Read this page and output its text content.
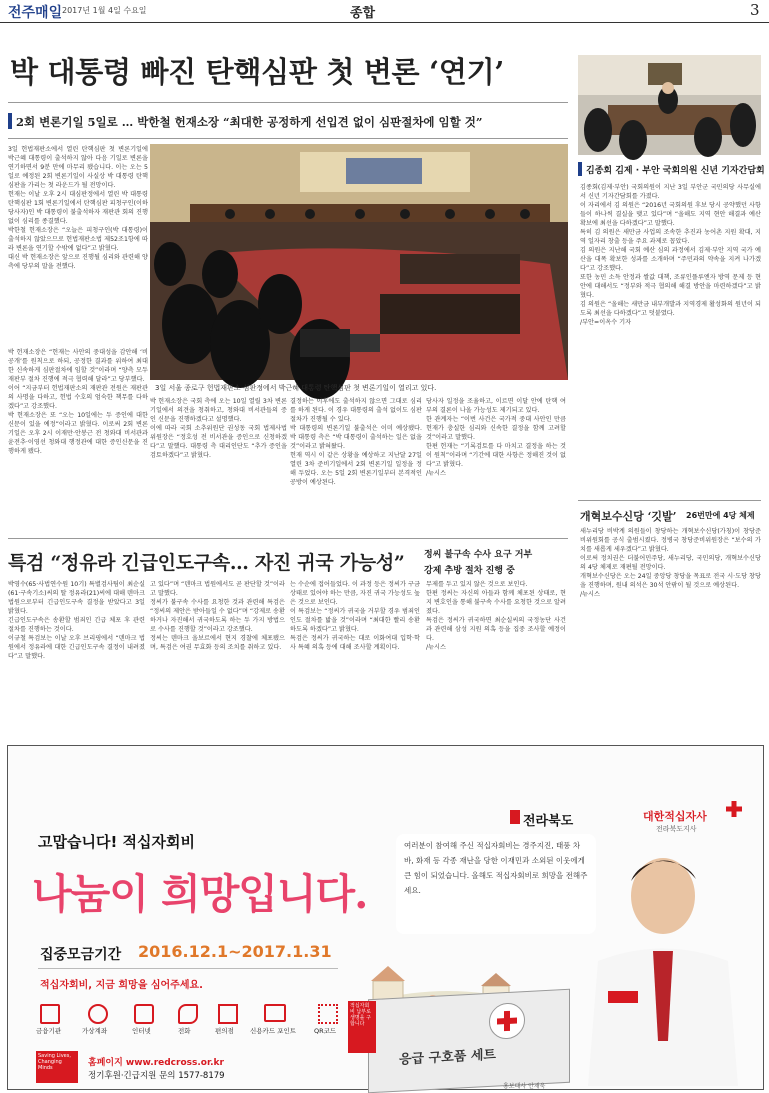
전주매일 2017년 1월 4일 수요일	종합	3
박 대통령 빠진 탄핵심판 첫 변론 ‘연기’
2회 변론기일 5일로 … 박한철 헌재소장 “최대한 공정하게 선입견 없이 심판절차에 임할 것”
3일 헌법재판소에서 열린 탄핵심판 첫 변론기일에 박근혜 대통령이 출석하지 않아 다음 기일로 변론을 연기하면서 9분 만에 마무리 됐습니다. 이는 오는 5일로 예정된 2회 변론기일이 사실상 박 대통령 탄핵심판을 가리는 첫 라운드가 될 전망이다.
헌재는 이날 오후 2시 대심판정에서 열린 박 대통령 탄핵심판 1회 변론기일에서 탄핵심판 피청구인(이하 당사자)인 박 대통령이 불출석하자 재판관 회의 진행 없이 심리를 종결했다.
박한철 헌재소장은 “오늘은 피청구인(박 대통령)이 출석하지 않았으므로 헌법재판소법 제52조1항에 따라 변론을 연기할 수밖에 없다”고 밝혔다.
대신 박 헌재소장은 앞으로 진행될 심리와 관련해 양측에 당부의 말을 전했다.
박 헌재소장은 “헌재는 사안의 중대성을 감안해 ‘비공개’를 원칙으로 하되, 공정한 결과를 위하여 최대한 신속하게 심판절차에 임할 것”이라며 “양측 모두 재판부 절차 진행에 적극 협력해 달라”고 당부했다.
이어 “지금부터 헌법재판소의 재판관 전원은 재판관의 사명을 다하고, 헌법 수호의 엄숙한 책무를 다하겠다”고 강조했다.
박 헌재소장은 또 “오는 10일에는 두 증인에 대한 신문이 있을 예정”이라고 밝혔다. 이로써 2회 변론기일은 오후 2시 이재만·안봉근 전 청와대 비서관과 윤전추·이영선 청와대 행정관에 대한 증인신문을 진행하게 됐다.
3일 서울 종로구 헌법재판소 심판정에서 박근혜 대통령 탄핵심판 첫 변론기일이 열리고 있다.
박 헌재소장은 국회 측에 오는 10일 열릴 3차 변론기일에서 의견을 청취하고, 청와대 비서관들의 증인 신문을 진행하겠다고 설명했다.
이에 따라 국회 소추위원단 권성동 국회 법제사법위원장은 “정호성 전 비서관을 증인으로 신청하겠다”고 말했다. 대통령 측 대리인단도 “추가 증인을 검토하겠다”고 밝혔다.
결정하는 이후에도 출석하지 않으면 그대로 심리를 하게 된다. 이 경우 대통령의 출석 없이도 심판 절차가 진행될 수 있다.
박 대통령의 변론기일 불출석은 이미 예상됐다. 박 대통령 측은 “박 대통령이 출석하는 일은 없을 것”이라고 밝혀왔다.
헌재 역시 이 같은 상황을 예상하고 지난달 27일 열린 3차 준비기일에서 2회 변론기일 일정을 정해 두었다. 오는 5일 2회 변론기일부터 본격적인 공방이 예상된다.
당사자 일정을 조율하고, 이르면 이달 안에 탄핵 여부의 결론이 나올 가능성도 제기되고 있다.
한 관계자는 “이번 사건은 국가적 중대 사안인 만큼 헌재가 충실한 심리와 신속한 결정을 함께 고려할 것”이라고 말했다.
한편 헌재는 “기록검토를 다 마치고 결정을 하는 것이 원칙”이라며 “기간에 대한 사항은 정해진 것이 없다”고 밝혔다.
/뉴시스
김종회 김제 · 부안 국회의원 신년 기자간담회
김종회(김제·부안) 국회의원이 지난 3일 부안군 국민의당 사무실에서 신년 기자간담회를 가졌다.
이 자리에서 김 의원은 “2016년 국회의원 후보 당시 공약했던 사항들이 하나씩 결실을 맺고 있다”며 “올해도 지역 현안 해결과 예산 확보에 최선을 다하겠다”고 말했다.
특히 김 의원은 새만금 사업의 조속한 추진과 농어촌 지원 확대, 지역 일자리 창출 등을 주요 과제로 꼽았다.
김 의원은 지난해 국회 예산 심의 과정에서 김제·부안 지역 국가 예산을 대폭 확보한 성과를 소개하며 “주민과의 약속을 지켜 나가겠다”고 강조했다.
또한 농민 소득 안정과 쌀값 대책, 조류인플루엔자 방역 문제 등 현안에 대해서도 “정부와 적극 협의해 해결 방안을 마련하겠다”고 밝혔다.
김 의원은 “올해는 새만금 내부개발과 지역경제 활성화의 원년이 되도록 최선을 다하겠다”고 덧붙였다.
/부안=이옥수 기자
개혁보수신당 ‘깃발’ 26번만에 4당 체제
새누리당 비박계 의원들이 창당하는 개혁보수신당(가칭)이 창당준비위원회를 공식 출범시켰다. 정병국 창당준비위원장은 “보수의 가치를 새롭게 세우겠다”고 밝혔다.
이로써 정치권은 더불어민주당, 새누리당, 국민의당, 개혁보수신당의 4당 체제로 재편될 전망이다.
개혁보수신당은 오는 24일 중앙당 창당을 목표로 전국 시·도당 창당을 진행하며, 원내 의석은 30석 안팎이 될 것으로 예상된다.
/뉴시스
특검 “정유라 긴급인도구속… 자진 귀국 가능성” 정씨 불구속 수사 요구 거부
강제 추방 절차 진행 중
박영수(65·사법연수원 10기) 특별검사팀이 최순실(61·구속기소)씨의 딸 정유라(21)씨에 대해 덴마크 법원으로부터 긴급인도구속 결정을 받았다고 3일 밝혔다.
긴급인도구속은 송환할 범죄인 긴급 체포 후 관련 절차를 진행하는 것이다.
이규철 특검보는 이날 오후 브리핑에서 “덴마크 법원에서 정유라에 대한 긴급인도구속 결정이 내려졌다”고 말했다.
고 있다”며 “덴마크 법원에서도 곧 판단할 것”이라고 말했다.
정씨가 불구속 수사를 요청한 것과 관련해 특검은 “정씨의 제안은 받아들일 수 없다”며 “강제로 송환하거나 자진해서 귀국하도록 하는 두 가지 방법으로 수사를 진행할 것”이라고 강조했다.
정씨는 덴마크 올보르에서 현지 경찰에 체포됐으며, 특검은 여권 무효화 등의 조치를 취하고 있다.
는 수순에 접어들었다. 이 과정 등은 정씨가 구금 상태로 있어야 하는 만큼, 자진 귀국 가능성도 높은 것으로 보인다.
이 특검보는 “정씨가 귀국을 거부할 경우 범죄인 인도 절차를 밟을 것”이라며 “최대한 빨리 송환하도록 하겠다”고 밝혔다.
특검은 정씨가 귀국하는 대로 이화여대 입학·학사 특혜 의혹 등에 대해 조사할 계획이다.
무제를 두고 있지 않은 것으로 보인다.
한편 정씨는 자신의 아들과 함께 체포된 상태로, 현지 변호인을 통해 불구속 수사를 요청한 것으로 알려졌다.
특검은 정씨가 귀국하면 최순실씨의 국정농단 사건과 관련해 삼성 지원 의혹 등을 집중 조사할 예정이다.
/뉴시스
전라북도	대한적십자사
전라북도지사
고맙습니다! 적십자회비
나눔이 희망입니다.
집중모금기간 2016.12.1~2017.1.31
적십자회비, 지금 희망을 심어주세요.
금융기관	가상계좌	인터넷	전화	편의점 신용카드 포인트	QR코드
Saving Lives, Changing Minds	홈페이지 www.redcross.or.kr
정기후원·긴급지원 문의 1577-8179
여러분이 참여해 주신 적십자회비는 경주지진, 태풍 차바, 화재 등 각종 재난을 당한 이재민과 소외된 이웃에게 큰 힘이 되었습니다. 올해도 적십자회비로 희망을 전해주세요.
응급 구호품 세트
적십자회비 납부로 생명을 구합니다
홍보대사 안재욱
